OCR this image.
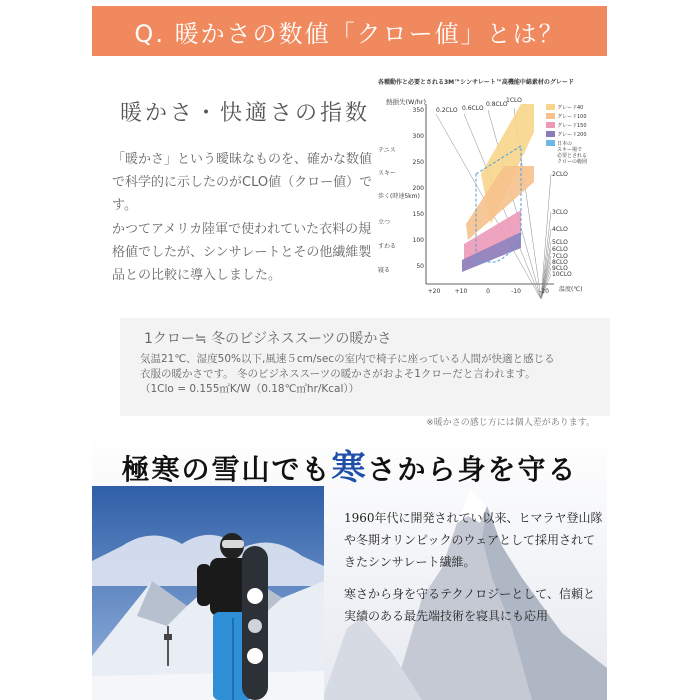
Q. 暖かさの数値「クロー値」とは？
暖かさ・快適さの指数
「暖かさ」という曖昧なものを、確かな数値で科学的に示したのがCLO値（クロー値）です。
かつてアメリカ陸軍で使われていた衣料の規格値でしたが、シンサレートとその他繊維製品との比較に導入しました。
各種動作と必要とされる3M™シンサレート™高機能中綿素材のグレード
熱損失(W/hr)
350
300
250
200
150
100
50
+20 +10	0	-10	-20
テニス
スキー
歩く(時速5km)
立つ
すわる
寝る
0.2CLO 0.6CLO
0.8CLO
1CLO
2CLO
3CLO
4CLO
5CLO
6CLO
7CLO
8CLO
9CLO
10CLO
温度(℃)
グレード40
グレード100
グレード150
グレード200
日本のスキー場で必要とされるクローの範囲
1クロー≒ 冬のビジネススーツの暖かさ
気温21℃、湿度50%以下,風速５cm/secの室内で椅子に座っている人間が快適と感じる
衣服の暖かさです。 冬のビジネススーツの暖かさがおよそ1クローだと言われます。
（1Clo = 0.155㎡K/W（0.18℃㎡hr/Kcal））
※暖かさの感じ方には個人差があります。
極寒の雪山でも寒さから身を守る

1960年代に開発されてい以来、ヒマラヤ登山隊や冬期オリンピックのウェアとして採用されてきたシンサレート繊維。

寒さから身を守るテクノロジーとして、信頼と実績のある最先端技術を寝具にも応用
